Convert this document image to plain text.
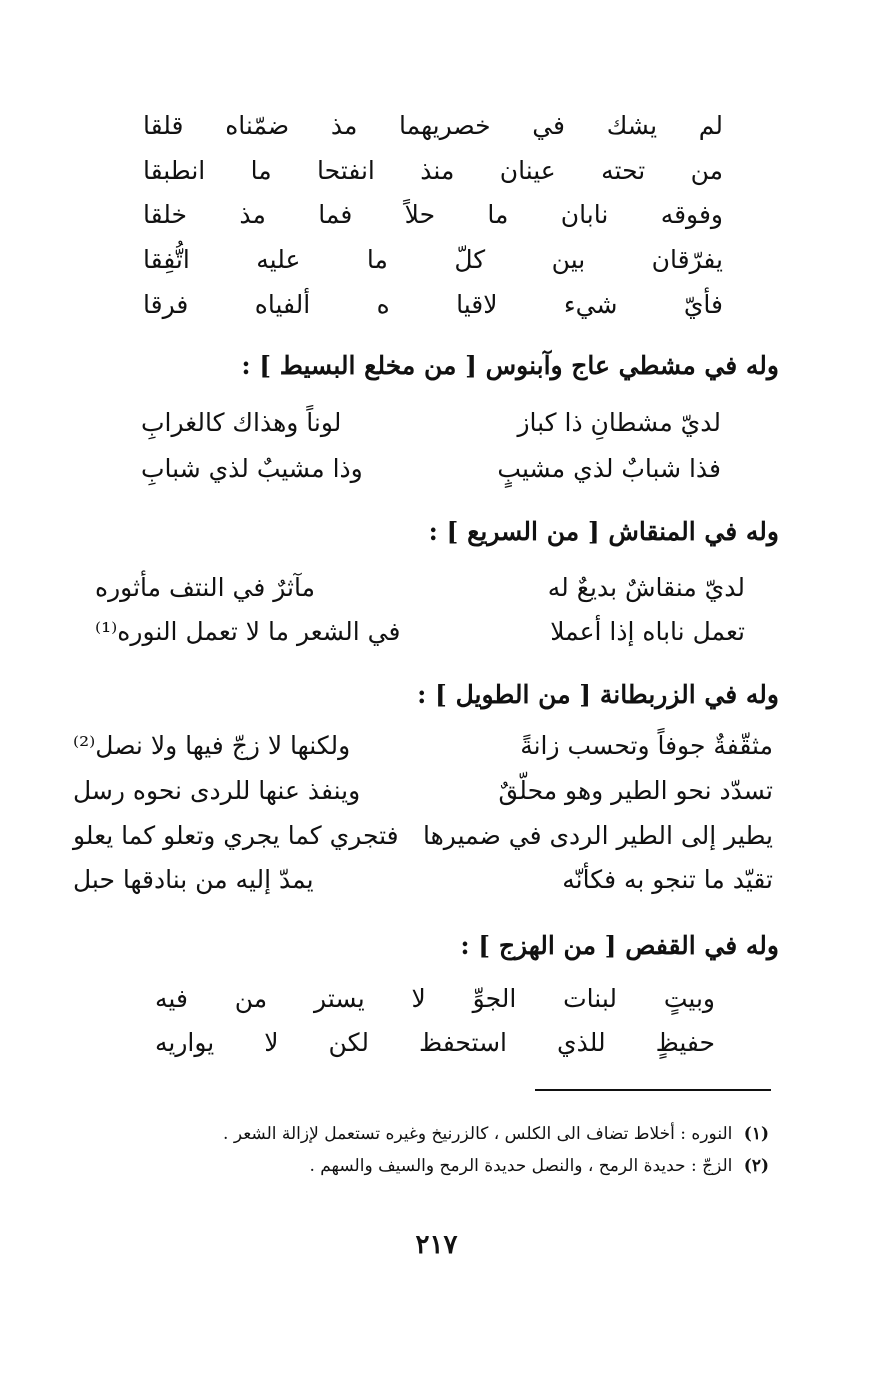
لم يشك في خصريهما مذ ضمّناه قلقا
من تحته عينان منذ انفتحا ما انطبقا
وفوقه نابان ما حلاً فما مذ خلقا
يفرّقان بين كلّ ما عليه اتُّفِقا
فأيّ شيء لاقيا ه ألفياه فرقا
وله في مشطي عاج وآبنوس [ من مخلع البسيط ] :
لديّ مشطانِ ذا كباز
لوناً وهذاك كالغرابِ
فذا شبابٌ لذي مشيبٍ
وذا مشيبٌ لذي شبابِ
وله في المنقاش [ من السريع ] :
لديّ منقاشٌ بديعٌ له
مآثرٌ في النتف مأثوره
تعمل ناباه إذا أعملا
في الشعر ما لا تعمل النوره⁽¹⁾
وله في الزربطانة [ من الطويل ] :
مثقّفةٌ جوفاً وتحسب زانةً
ولكنها لا زجّ فيها ولا نصل⁽²⁾
تسدّد نحو الطير وهو محلّقٌ
وينفذ عنها للردى نحوه رسل
يطير إلى الطير الردى في ضميرها
فتجري كما يجري وتعلو كما يعلو
تقيّد ما تنجو به فكأنّه
يمدّ إليه من بنادقها حبل
وله في القفص [ من الهزج ] :
وبيتٍ لبنات الجوِّ لا يستر من فيه
حفيظٍ للذي استحفظ لكن لا يواريه
(١) النوره : أخلاط تضاف الى الكلس ، كالزرنيخ وغيره تستعمل لإزالة الشعر .
(٢) الزجّ : حديدة الرمح ، والنصل حديدة الرمح والسيف والسهم .
٢١٧
